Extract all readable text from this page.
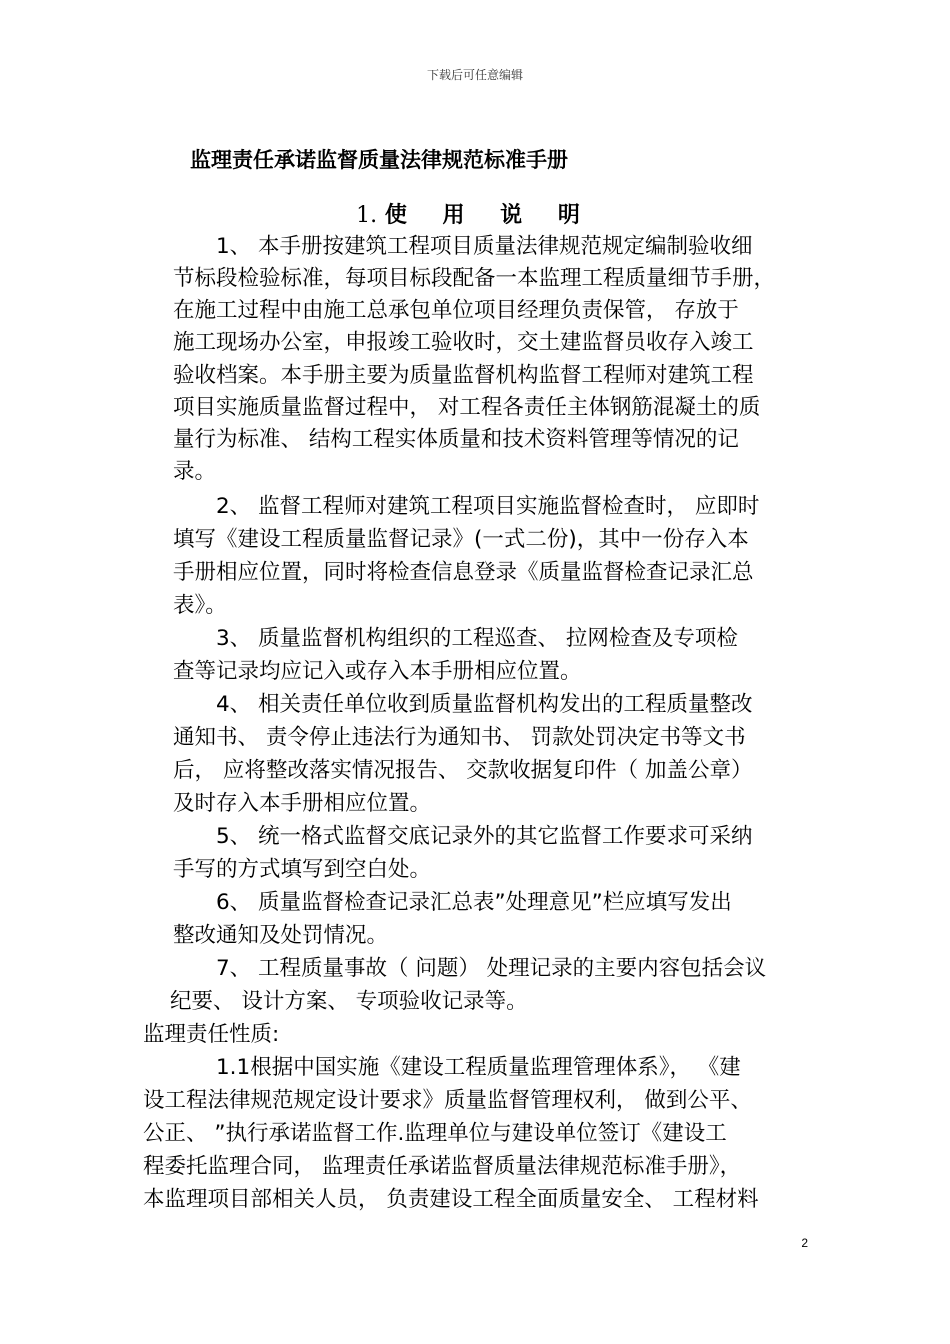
下载后可任意编辑
监理责任承诺监督质量法律规范标准手册
1. 使 用 说 明
1、 本手册按建筑工程项目质量法律规范规定编制验收细
节标段检验标准，每项目标段配备一本监理工程质量细节手册，
在施工过程中由施工总承包单位项目经理负责保管， 存放于
施工现场办公室，申报竣工验收时，交土建监督员收存入竣工
验收档案。本手册主要为质量监督机构监督工程师对建筑工程
项目实施质量监督过程中， 对工程各责任主体钢筋混凝土的质
量行为标准、 结构工程实体质量和技术资料管理等情况的记
录。
2、 监督工程师对建筑工程项目实施监督检查时， 应即时
填写《建设工程质量监督记录》(一式二份)，其中一份存入本
手册相应位置，同时将检查信息登录《质量监督检查记录汇总
表》。
3、 质量监督机构组织的工程巡查、 拉网检查及专项检
查等记录均应记入或存入本手册相应位置。
4、 相关责任单位收到质量监督机构发出的工程质量整改
通知书、 责令停止违法行为通知书、 罚款处罚决定书等文书
后， 应将整改落实情况报告、 交款收据复印件（ 加盖公章）
及时存入本手册相应位置。
5、 统一格式监督交底记录外的其它监督工作要求可采纳
手写的方式填写到空白处。
6、 质量监督检查记录汇总表”处理意见”栏应填写发出
整改通知及处罚情况。
7、 工程质量事故（ 问题） 处理记录的主要内容包括会议
纪要、 设计方案、 专项验收记录等。
监理责任性质:
1.1根据中国实施《建设工程质量监理管理体系》， 《建
设工程法律规范规定设计要求》质量监督管理权利， 做到公平、
公正、 ”执行承诺监督工作.监理单位与建设单位签订《建设工
程委托监理合同， 监理责任承诺监督质量法律规范标准手册》，
本监理项目部相关人员， 负责建设工程全面质量安全、 工程材料
2
